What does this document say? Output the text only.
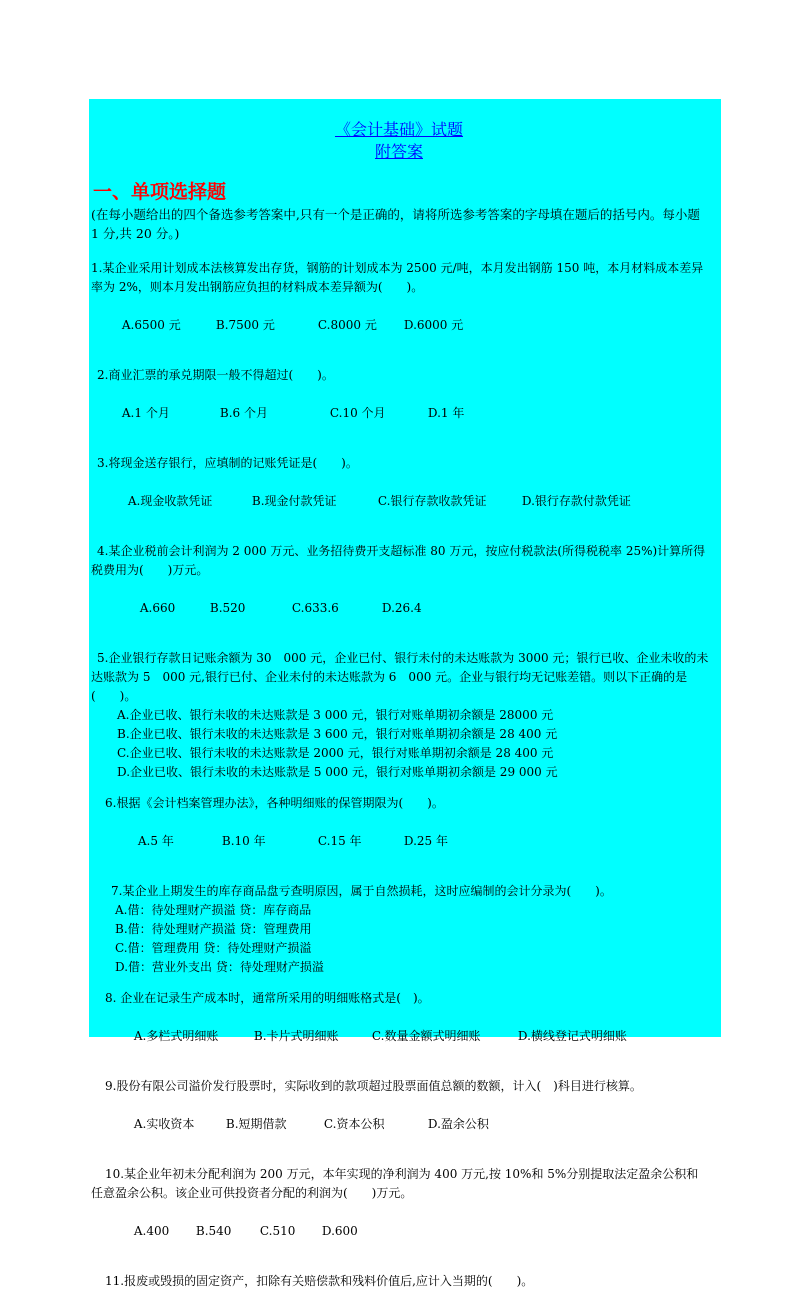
《会计基础》试题
附答案
一、单项选择题
(在每小题给出的四个备选参考答案中,只有一个是正确的，请将所选参考答案的字母填在题后的括号内。每小题 1 分,共 20 分。)

1.某企业采用计划成本法核算发出存货，钢筋的计划成本为 2500 元/吨，本月发出钢筋 150 吨，本月材料成本差异率为 2%，则本月发出钢筋应负担的材料成本差异额为(　　)。

A.6500 元	B.7500 元	C.8000 元 D.6000 元

2.商业汇票的承兑期限一般不得超过(　　)。

A.1 个月	B.6 个月	C.10 个月	D.1 年

3.将现金送存银行，应填制的记账凭证是(　　)。

A.现金收款凭证	B.现金付款凭证	C.银行存款收款凭证	D.银行存款付款凭证

4.某企业税前会计利润为 2 000 万元、业务招待费开支超标准 80 万元，按应付税款法(所得税税率 25%)计算所得税费用为(　　)万元。

A.660	B.520	C.633.6	D.26.4

5.企业银行存款日记账余额为 30　000 元，企业已付、银行未付的未达账款为 3000 元；银行已收、企业未收的未达账款为 5　000 元,银行已付、企业未付的未达账款为 6　000 元。企业与银行均无记账差错。则以下正确的是(　　)。

A.企业已收、银行未收的未达账款是 3 000 元，银行对账单期初余额是 28000 元

B.企业已收、银行未收的未达账款是 3 600 元，银行对账单期初余额是 28 400 元

C.企业已收、银行未收的未达账款是 2000 元，银行对账单期初余额是 28 400 元

D.企业已收、银行未收的未达账款是 5 000 元，银行对账单期初余额是 29 000 元

6.根据《会计档案管理办法》，各种明细账的保管期限为(　　)。

A.5 年	B.10 年	C.15 年	D.25 年

7.某企业上期发生的库存商品盘亏查明原因，属于自然损耗，这时应编制的会计分录为(　　)。

A.借：待处理财产损溢 贷：库存商品

B.借：待处理财产损溢 贷：管理费用

C.借：管理费用 贷：待处理财产损溢

D.借：营业外支出 贷：待处理财产损溢

8. 企业在记录生产成本时，通常所采用的明细账格式是(　)。

A.多栏式明细账	B.卡片式明细账	C.数量金额式明细账	D.横线登记式明细账

9.股份有限公司溢价发行股票时，实际收到的款项超过股票面值总额的数额，计入(　)科目进行核算。

A.实收资本	B.短期借款	C.资本公积	D.盈余公积

10.某企业年初未分配利润为 200 万元，本年实现的净利润为 400 万元,按 10%和 5%分别提取法定盈余公积和任意盈余公积。该企业可供投资者分配的利润为(　　)万元。

A.400 B.540 C.510 D.600

11.报废或毁损的固定资产，扣除有关赔偿款和残料价值后,应计入当期的(　　)。
